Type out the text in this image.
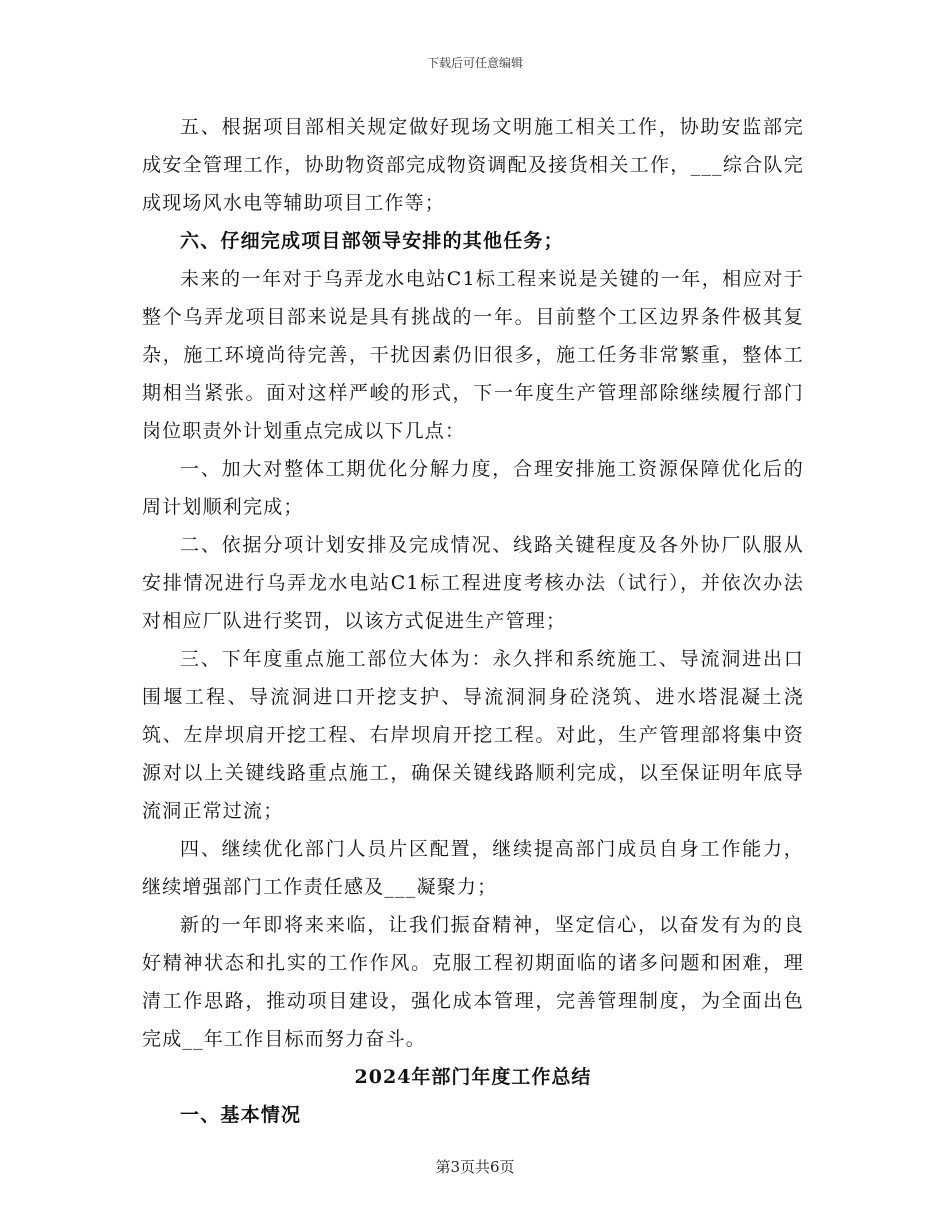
下载后可任意编辑

五、根据项目部相关规定做好现场文明施工相关工作，协助安监部完成安全管理工作，协助物资部完成物资调配及接货相关工作，___综合队完成现场风水电等辅助项目工作等；

六、仔细完成项目部领导安排的其他任务；

未来的一年对于乌弄龙水电站C1标工程来说是关键的一年，相应对于整个乌弄龙项目部来说是具有挑战的一年。目前整个工区边界条件极其复杂，施工环境尚待完善，干扰因素仍旧很多，施工任务非常繁重，整体工期相当紧张。面对这样严峻的形式，下一年度生产管理部除继续履行部门岗位职责外计划重点完成以下几点：

一、加大对整体工期优化分解力度，合理安排施工资源保障优化后的周计划顺利完成；

二、依据分项计划安排及完成情况、线路关键程度及各外协厂队服从安排情况进行乌弄龙水电站C1标工程进度考核办法（试行），并依次办法对相应厂队进行奖罚，以该方式促进生产管理；

三、下年度重点施工部位大体为：永久拌和系统施工、导流洞进出口围堰工程、导流洞进口开挖支护、导流洞洞身砼浇筑、进水塔混凝土浇筑、左岸坝肩开挖工程、右岸坝肩开挖工程。对此，生产管理部将集中资源对以上关键线路重点施工，确保关键线路顺利完成，以至保证明年底导流洞正常过流；

四、继续优化部门人员片区配置，继续提高部门成员自身工作能力，继续增强部门工作责任感及___凝聚力；

新的一年即将来来临，让我们振奋精神，坚定信心，以奋发有为的良好精神状态和扎实的工作作风。克服工程初期面临的诸多问题和困难，理清工作思路，推动项目建设，强化成本管理，完善管理制度，为全面出色完成__年工作目标而努力奋斗。

2024年部门年度工作总结

一、基本情况

第3页共6页
